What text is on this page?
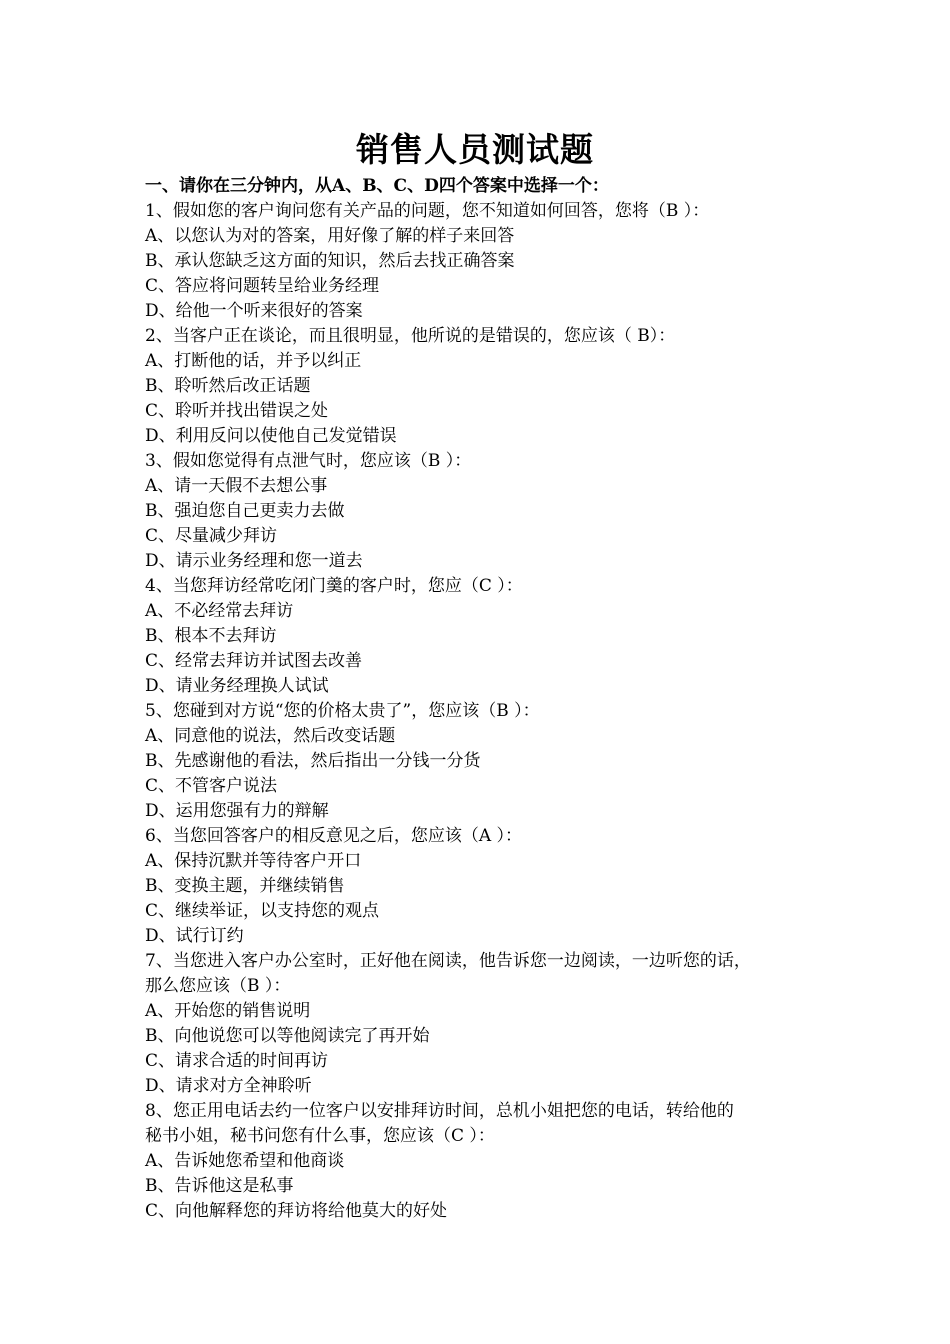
销售人员测试题
一、请你在三分钟内，从A、B、C、D四个答案中选择一个：
1、假如您的客户询问您有关产品的问题，您不知道如何回答，您将（B ）：
A、以您认为对的答案，用好像了解的样子来回答
B、承认您缺乏这方面的知识，然后去找正确答案
C、答应将问题转呈给业务经理
D、给他一个听来很好的答案
2、当客户正在谈论，而且很明显，他所说的是错误的，您应该（ B）：
A、打断他的话，并予以纠正
B、聆听然后改正话题
C、聆听并找出错误之处
D、利用反问以使他自己发觉错误
3、假如您觉得有点泄气时，您应该（B ）：
A、请一天假不去想公事
B、强迫您自己更卖力去做
C、尽量减少拜访
D、请示业务经理和您一道去
4、当您拜访经常吃闭门羹的客户时，您应（C ）：
A、不必经常去拜访
B、根本不去拜访
C、经常去拜访并试图去改善
D、请业务经理换人试试
5、您碰到对方说“您的价格太贵了”，您应该（B ）：
A、同意他的说法，然后改变话题
B、先感谢他的看法，然后指出一分钱一分货
C、不管客户说法
D、运用您强有力的辩解
6、当您回答客户的相反意见之后，您应该（A ）：
A、保持沉默并等待客户开口
B、变换主题，并继续销售
C、继续举证，以支持您的观点
D、试行订约
7、当您进入客户办公室时，正好他在阅读，他告诉您一边阅读，一边听您的话，
那么您应该（B ）：
A、开始您的销售说明
B、向他说您可以等他阅读完了再开始
C、请求合适的时间再访
D、请求对方全神聆听
8、您正用电话去约一位客户以安排拜访时间，总机小姐把您的电话，转给他的
秘书小姐，秘书问您有什么事，您应该（C ）：
A、告诉她您希望和他商谈
B、告诉他这是私事
C、向他解释您的拜访将给他莫大的好处
